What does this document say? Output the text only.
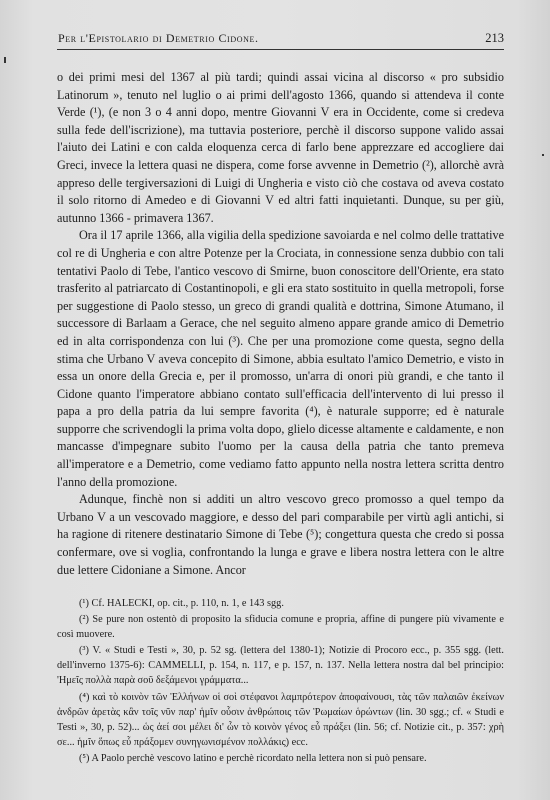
Per l'Epistolario di Demetrio Cidone.	213

o dei primi mesi del 1367 al più tardi; quindi assai vicina al discorso « pro subsidio Latinorum », tenuto nel luglio o ai primi dell'agosto 1366, quando si attendeva il conte Verde (¹), (e non 3 o 4 anni dopo, mentre Giovanni V era in Occidente, come si credeva sulla fede dell'iscrizione), ma tuttavia posteriore, perchè il discorso suppone valido assai l'aiuto dei Latini e con calda eloquenza cerca di farlo bene apprezzare ed accogliere dai Greci, invece la lettera quasi ne dispera, come forse avvenne in Demetrio (²), allorchè avrà appreso delle tergiversazioni di Luigi di Ungheria e visto ciò che costava od aveva costato il solo ritorno di Amedeo e di Giovanni V ed altri fatti inquietanti. Dunque, su per giù, autunno 1366 - primavera 1367.

Ora il 17 aprile 1366, alla vigilia della spedizione savoiarda e nel colmo delle trattative col re di Ungheria e con altre Potenze per la Crociata, in connessione senza dubbio con tali tentativi Paolo di Tebe, l'antico vescovo di Smirne, buon conoscitore dell'Oriente, era stato trasferito al patriarcato di Costantinopoli, e gli era stato sostituito in quella metropoli, forse per suggestione di Paolo stesso, un greco di grandi qualità e dottrina, Simone Atumano, il successore di Barlaam a Gerace, che nel seguito almeno appare grande amico di Demetrio ed in alta corrispondenza con lui (³). Che per una promozione come questa, segno della stima che Urbano V aveva concepito di Simone, abbia esultato l'amico Demetrio, e visto in essa un onore della Grecia e, per il promosso, un'arra di onori più grandi, e che tanto il Cidone quanto l'imperatore abbiano contato sull'efficacia dell'intervento di lui presso il papa a pro della patria da lui sempre favorita (⁴), è naturale supporre; ed è naturale supporre che scrivendogli la prima volta dopo, glielo dicesse altamente e caldamente, e non mancasse d'impegnare subito l'uomo per la causa della patria che tanto premeva all'imperatore e a Demetrio, come vediamo fatto appunto nella nostra lettera scritta dentro l'anno della promozione.

Adunque, finchè non si additi un altro vescovo greco promosso a quel tempo da Urbano V a un vescovado maggiore, e desso del pari comparabile per virtù agli antichi, si ha ragione di ritenere destinatario Simone di Tebe (⁵); congettura questa che credo si possa confermare, ove si voglia, confrontando la lunga e grave e libera nostra lettera con le altre due lettere Cidoniane a Simone. Ancor

(¹) Cf. HALECKI, op. cit., p. 110, n. 1, e 143 sgg.

(²) Se pure non ostentò di proposito la sfiducia comune e propria, affine di pungere più vivamente e così muovere.

(³) V. « Studi e Testi », 30, p. 52 sg. (lettera del 1380-1); Notizie di Procoro ecc., p. 355 sgg. (lett. dell'inverno 1375-6): CAMMELLI, p. 154, n. 117, e p. 157, n. 137. Nella lettera nostra dal bel principio: 'Ημεῖς πολλὰ παρὰ σοῦ δεξάμενοι γράμματα...

(⁴) καὶ τὸ κοινὸν τῶν Ἑλλήνων οἱ σοὶ στέφανοι λαμπρότερον ἀποφαίνουσι, τὰς τῶν παλαιῶν ἐκείνων ἀνδρῶν ἀρετὰς κἂν τοῖς νῦν παρ' ἡμῖν οὖσιν ἀνθρώποις τῶν Ῥωμαίων ὁρώντων (lin. 30 sgg.; cf. « Studi e Testi », 30, p. 52)... ὡς ἀεί σοι μέλει δι' ὧν τὸ κοινὸν γένος εὖ πράξει (lin. 56; cf. Notizie cit., p. 357: χρὴ σε... ἡμῖν ὅπως εὖ πράξομεν συνηγωνισμένον πολλάκις) ecc.

(⁵) A Paolo perchè vescovo latino e perchè ricordato nella lettera non si può pensare.
